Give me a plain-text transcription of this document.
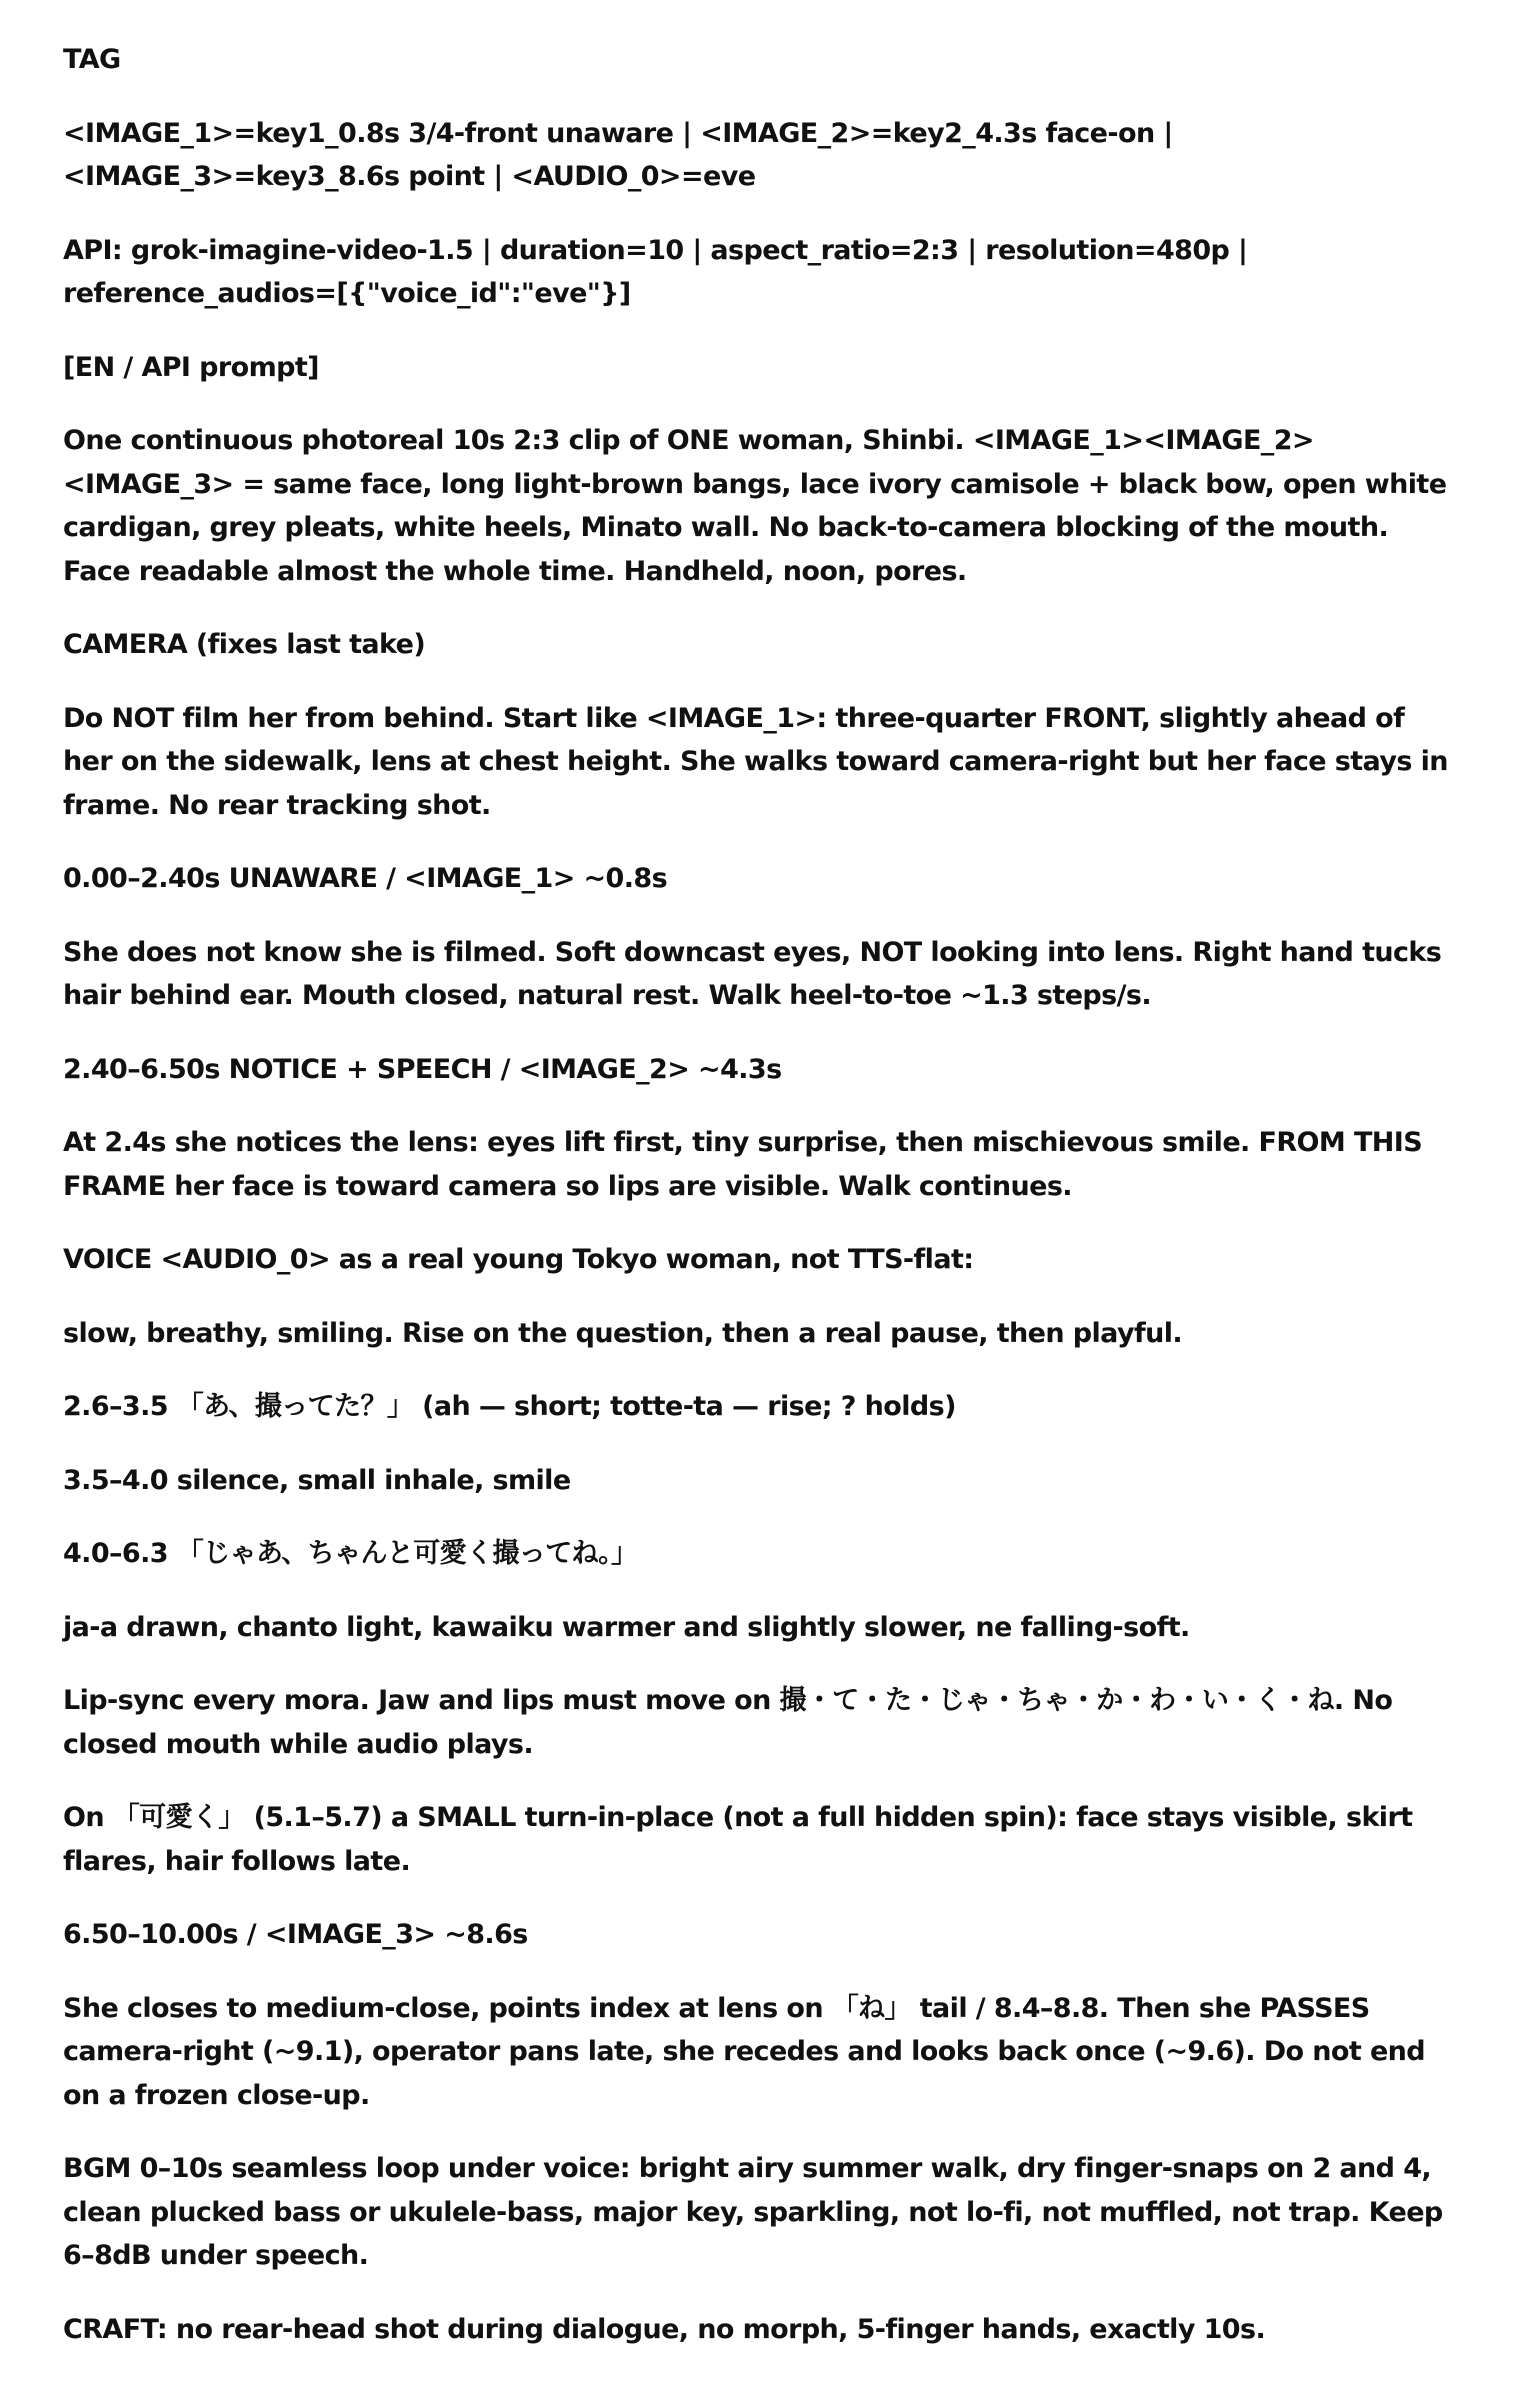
TAG

<IMAGE_1>=key1_0.8s 3/4-front unaware | <IMAGE_2>=key2_4.3s face-on | <IMAGE_3>=key3_8.6s point | <AUDIO_0>=eve

API: grok-imagine-video-1.5 | duration=10 | aspect_ratio=2:3 | resolution=480p | reference_audios=[{"voice_id":"eve"}]

[EN / API prompt]

One continuous photoreal 10s 2:3 clip of ONE woman, Shinbi. <IMAGE_1><IMAGE_2><IMAGE_3> = same face, long light-brown bangs, lace ivory camisole + black bow, open white cardigan, grey pleats, white heels, Minato wall. No back-to-camera blocking of the mouth. Face readable almost the whole time. Handheld, noon, pores.

CAMERA (fixes last take)

Do NOT film her from behind. Start like <IMAGE_1>: three-quarter FRONT, slightly ahead of her on the sidewalk, lens at chest height. She walks toward camera-right but her face stays in frame. No rear tracking shot.

0.00–2.40s UNAWARE / <IMAGE_1> ~0.8s

She does not know she is filmed. Soft downcast eyes, NOT looking into lens. Right hand tucks hair behind ear. Mouth closed, natural rest. Walk heel-to-toe ~1.3 steps/s.

2.40–6.50s NOTICE + SPEECH / <IMAGE_2> ~4.3s

At 2.4s she notices the lens: eyes lift first, tiny surprise, then mischievous smile. FROM THIS FRAME her face is toward camera so lips are visible. Walk continues.

VOICE <AUDIO_0> as a real young Tokyo woman, not TTS-flat:

slow, breathy, smiling. Rise on the question, then a real pause, then playful.

2.6–3.5 「あ、撮ってた？」 (ah — short; totte-ta — rise; ? holds)

3.5–4.0 silence, small inhale, smile

4.0–6.3 「じゃあ、ちゃんと可愛く撮ってね。」

ja-a drawn, chanto light, kawaiku warmer and slightly slower, ne falling-soft.

Lip-sync every mora. Jaw and lips must move on 撮・て・た・じゃ・ちゃ・か・わ・い・く・ね. No closed mouth while audio plays.

On 「可愛く」 (5.1–5.7) a SMALL turn-in-place (not a full hidden spin): face stays visible, skirt flares, hair follows late.

6.50–10.00s / <IMAGE_3> ~8.6s

She closes to medium-close, points index at lens on 「ね」 tail / 8.4–8.8. Then she PASSES camera-right (~9.1), operator pans late, she recedes and looks back once (~9.6). Do not end on a frozen close-up.

BGM 0–10s seamless loop under voice: bright airy summer walk, dry finger-snaps on 2 and 4, clean plucked bass or ukulele-bass, major key, sparkling, not lo-fi, not muffled, not trap. Keep 6–8dB under speech.

CRAFT: no rear-head shot during dialogue, no morph, 5-finger hands, exactly 10s.
